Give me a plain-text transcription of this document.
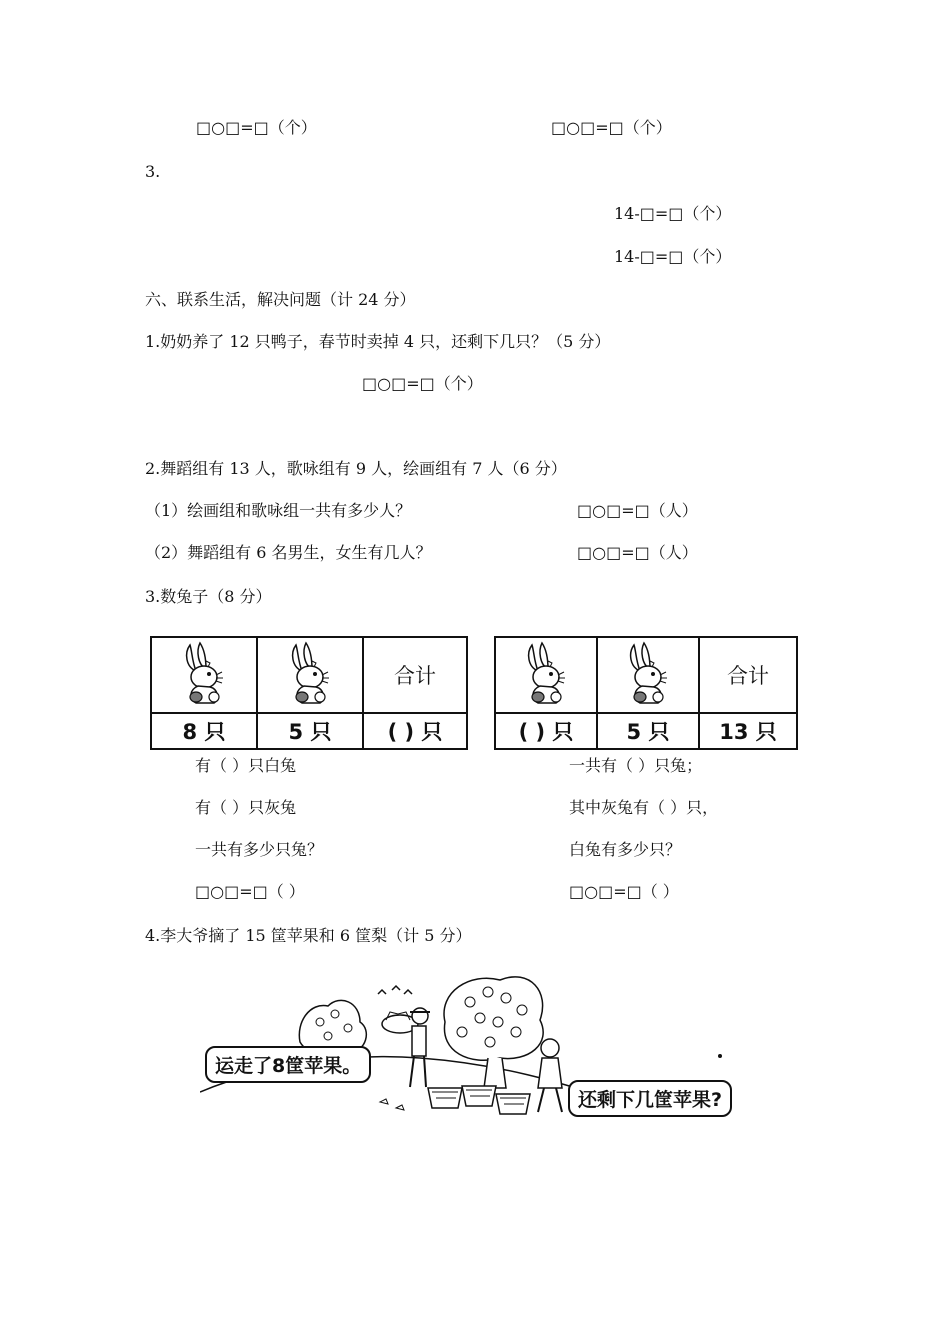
□○□=□（个）	□○□=□（个）
3.
14-□=□（个）
14-□=□（个）
六、联系生活，解决问题（计 24 分）
1.奶奶养了 12 只鸭子，春节时卖掉 4 只，还剩下几只？（5 分）
□○□=□（个）
2.舞蹈组有 13 人，歌咏组有 9 人，绘画组有 7 人（6 分）
（1）绘画组和歌咏组一共有多少人？	□○□=□（人）
（2）舞蹈组有 6 名男生，女生有几人？	□○□=□（人）
3.数兔子（8 分）
		合计
8 只	5 只	( ) 只
		合计
( ) 只	5 只	13 只
有（ ）只白兔
有（ ）只灰兔
一共有多少只兔？
□○□=□（ ）
一共有（ ）只兔；
其中灰兔有（ ）只，
白兔有多少只？
□○□=□（ ）
4.李大爷摘了 15 筐苹果和 6 筐梨（计 5 分）
运走了8筐苹果。
还剩下几筐苹果?
